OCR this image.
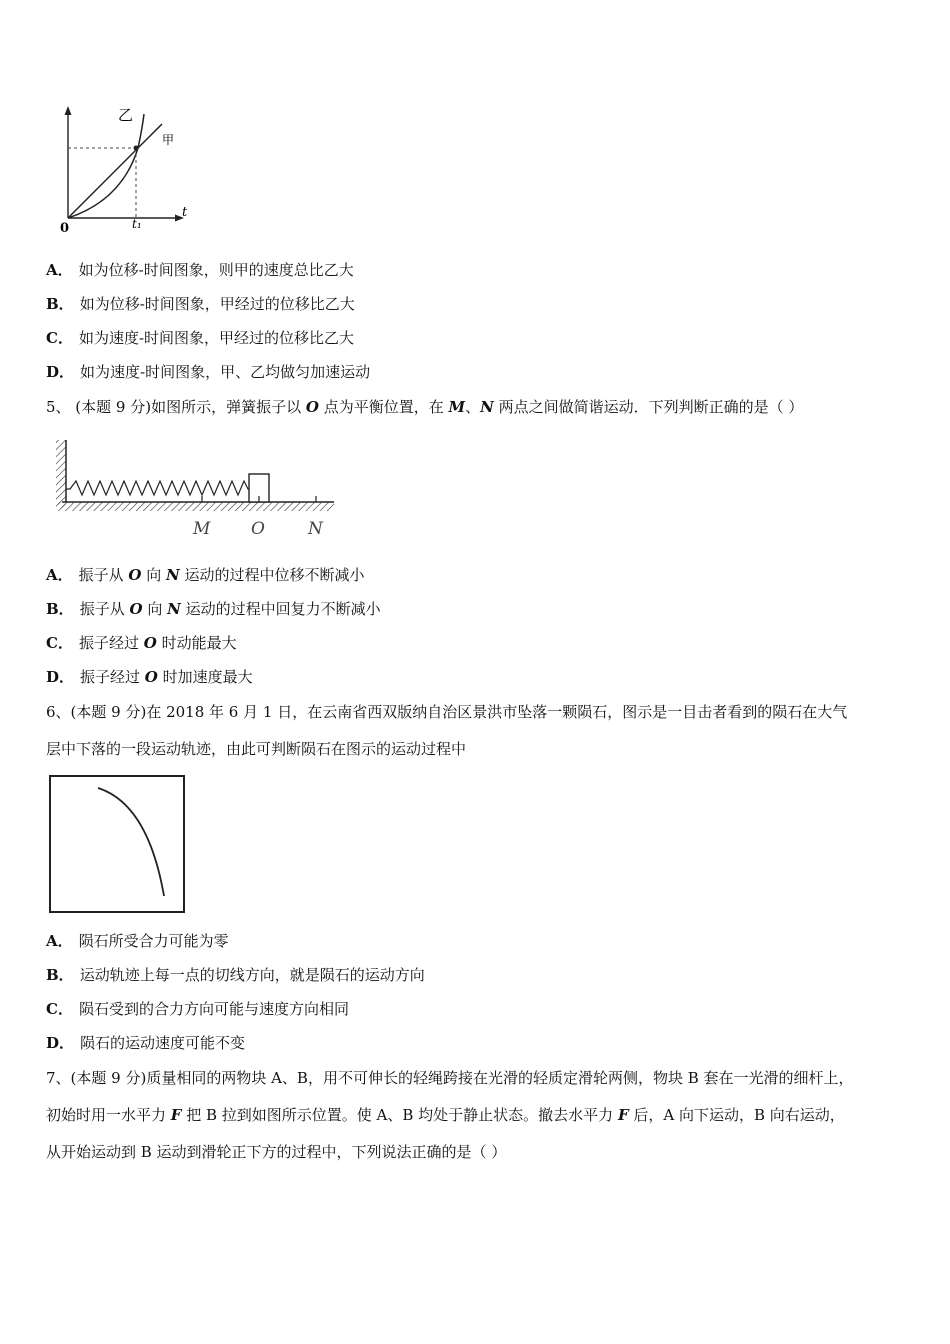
乙
甲
0	t₁
t
A． 如为位移-时间图象，则甲的速度总比乙大
B． 如为位移-时间图象，甲经过的位移比乙大
C． 如为速度-时间图象，甲经过的位移比乙大
D． 如为速度-时间图象，甲、乙均做匀加速运动
5、 (本题 9 分)如图所示，弹簧振子以 O 点为平衡位置，在 M、N 两点之间做简谐运动．下列判断正确的是（ ）
M O	N
A． 振子从 O 向 N 运动的过程中位移不断减小
B． 振子从 O 向 N 运动的过程中回复力不断减小
C． 振子经过 O 时动能最大
D． 振子经过 O 时加速度最大
6、(本题 9 分)在 2018 年 6 月 1 日，在云南省西双版纳自治区景洪市坠落一颗陨石，图示是一目击者看到的陨石在大气
层中下落的一段运动轨迹，由此可判断陨石在图示的运动过程中
A． 陨石所受合力可能为零
B． 运动轨迹上每一点的切线方向，就是陨石的运动方向
C． 陨石受到的合力方向可能与速度方向相同
D． 陨石的运动速度可能不变
7、(本题 9 分)质量相同的两物块 A、B，用不可伸长的轻绳跨接在光滑的轻质定滑轮两侧，物块 B 套在一光滑的细杆上，
初始时用一水平力 F 把 B 拉到如图所示位置。使 A、B 均处于静止状态。撤去水平力 F 后，A 向下运动，B 向右运动，
从开始运动到 B 运动到滑轮正下方的过程中，下列说法正确的是（ ）
